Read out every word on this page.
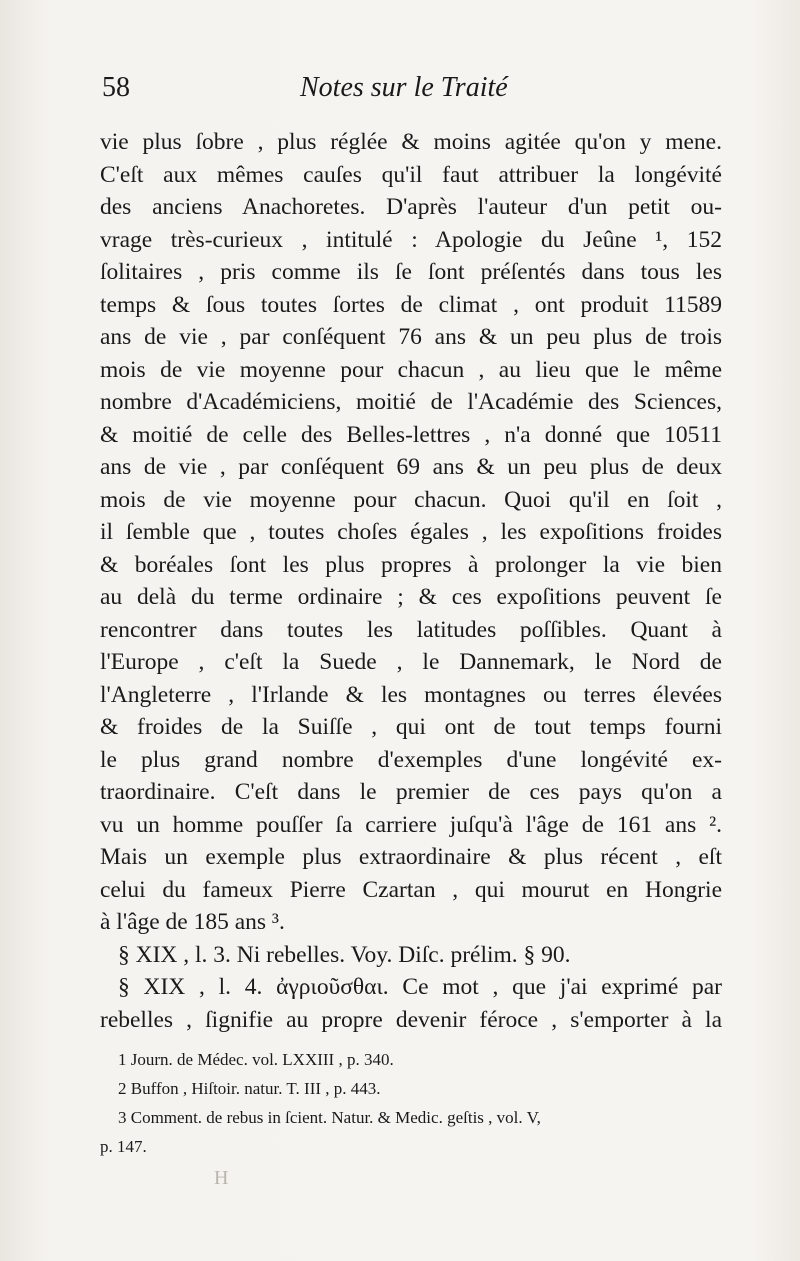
58	Notes sur le Traité
vie plus ſobre , plus réglée & moins agitée qu'on y mene.
C'eſt aux mêmes cauſes qu'il faut attribuer la longévité
des anciens Anachoretes. D'après l'auteur d'un petit ou-
vrage très-curieux , intitulé : Apologie du Jeûne ¹, 152
ſolitaires , pris comme ils ſe ſont préſentés dans tous les
temps & ſous toutes ſortes de climat , ont produit 11589
ans de vie , par conſéquent 76 ans & un peu plus de trois
mois de vie moyenne pour chacun , au lieu que le même
nombre d'Académiciens, moitié de l'Académie des Sciences,
& moitié de celle des Belles-lettres , n'a donné que 10511
ans de vie , par conſéquent 69 ans & un peu plus de deux
mois de vie moyenne pour chacun. Quoi qu'il en ſoit ,
il ſemble que , toutes choſes égales , les expoſitions froides
& boréales ſont les plus propres à prolonger la vie bien
au delà du terme ordinaire ; & ces expoſitions peuvent ſe
rencontrer dans toutes les latitudes poſſibles. Quant à
l'Europe , c'eſt la Suede , le Dannemark, le Nord de
l'Angleterre , l'Irlande & les montagnes ou terres élevées
& froides de la Suiſſe , qui ont de tout temps fourni
le plus grand nombre d'exemples d'une longévité ex-
traordinaire. C'eſt dans le premier de ces pays qu'on a
vu un homme pouſſer ſa carriere juſqu'à l'âge de 161 ans ².
Mais un exemple plus extraordinaire & plus récent , eſt
celui du fameux Pierre Czartan , qui mourut en Hongrie
à l'âge de 185 ans ³.
§ XIX , l. 3. Ni rebelles. Voy. Diſc. prélim. § 90.
§ XIX , l. 4. ἀγριοῦσθαι. Ce mot , que j'ai exprimé par
rebelles , ſignifie au propre devenir féroce , s'emporter à la
1 Journ. de Médec. vol. LXXIII , p. 340.
2 Buffon , Hiſtoir. natur. T. III , p. 443.
3 Comment. de rebus in ſcient. Natur. & Medic. geſtis , vol. V,
p. 147.
H
